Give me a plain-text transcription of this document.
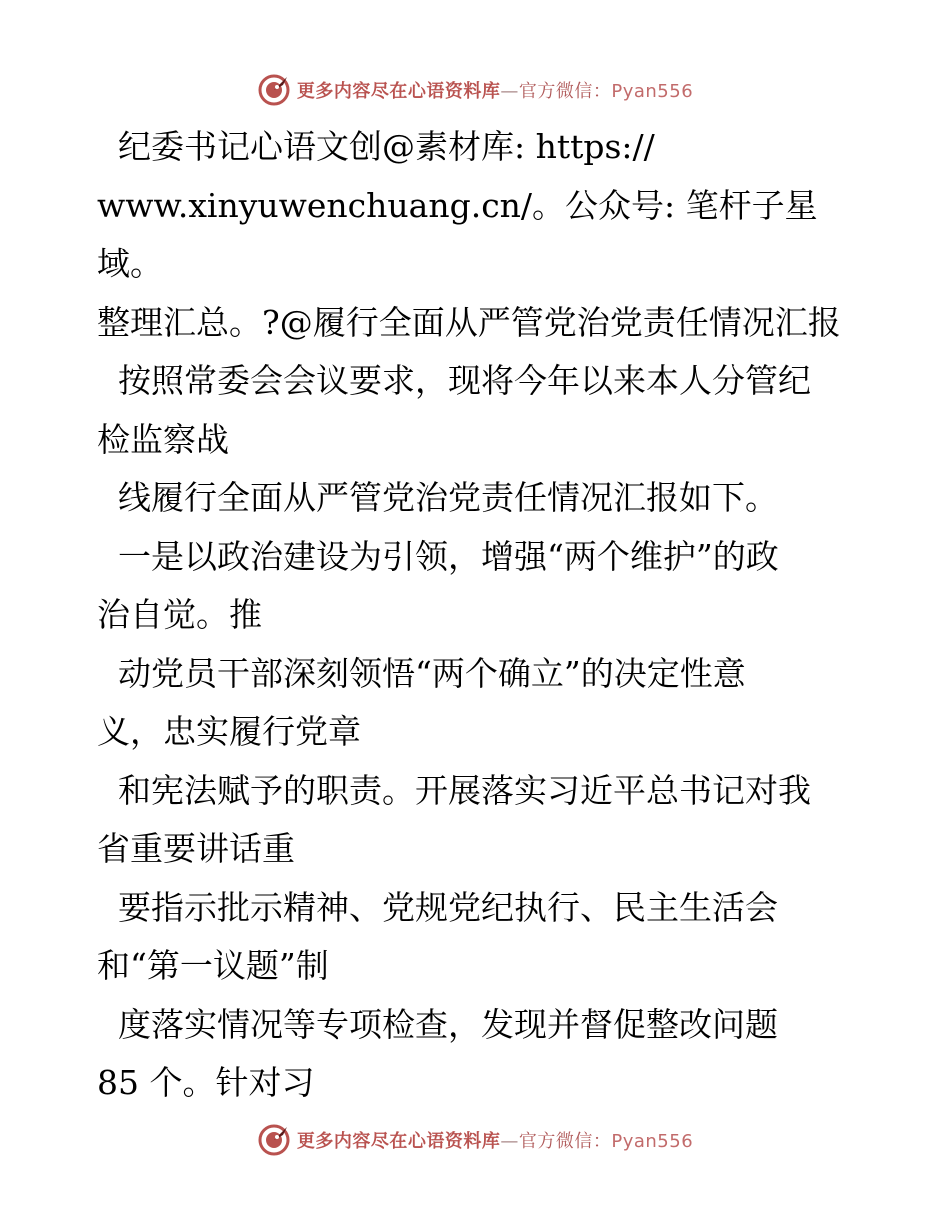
更多内容尽在心语资料库—官方微信：Pyan556

纪委书记心语文创@素材库: https://

www.xinyuwenchuang.cn/。公众号: 笔杆子星域。

整理汇总。?@履行全面从严管党治党责任情况汇报

按照常委会会议要求，现将今年以来本人分管纪

检监察战

线履行全面从严管党治党责任情况汇报如下。

一是以政治建设为引领，增强“两个维护”的政

治自觉。推

动党员干部深刻领悟“两个确立”的决定性意

义，忠实履行党章

和宪法赋予的职责。开展落实习近平总书记对我

省重要讲话重

要指示批示精神、党规党纪执行、民主生活会

和“第一议题”制

度落实情况等专项检查，发现并督促整改问题

85 个。针对习

更多内容尽在心语资料库—官方微信：Pyan556
